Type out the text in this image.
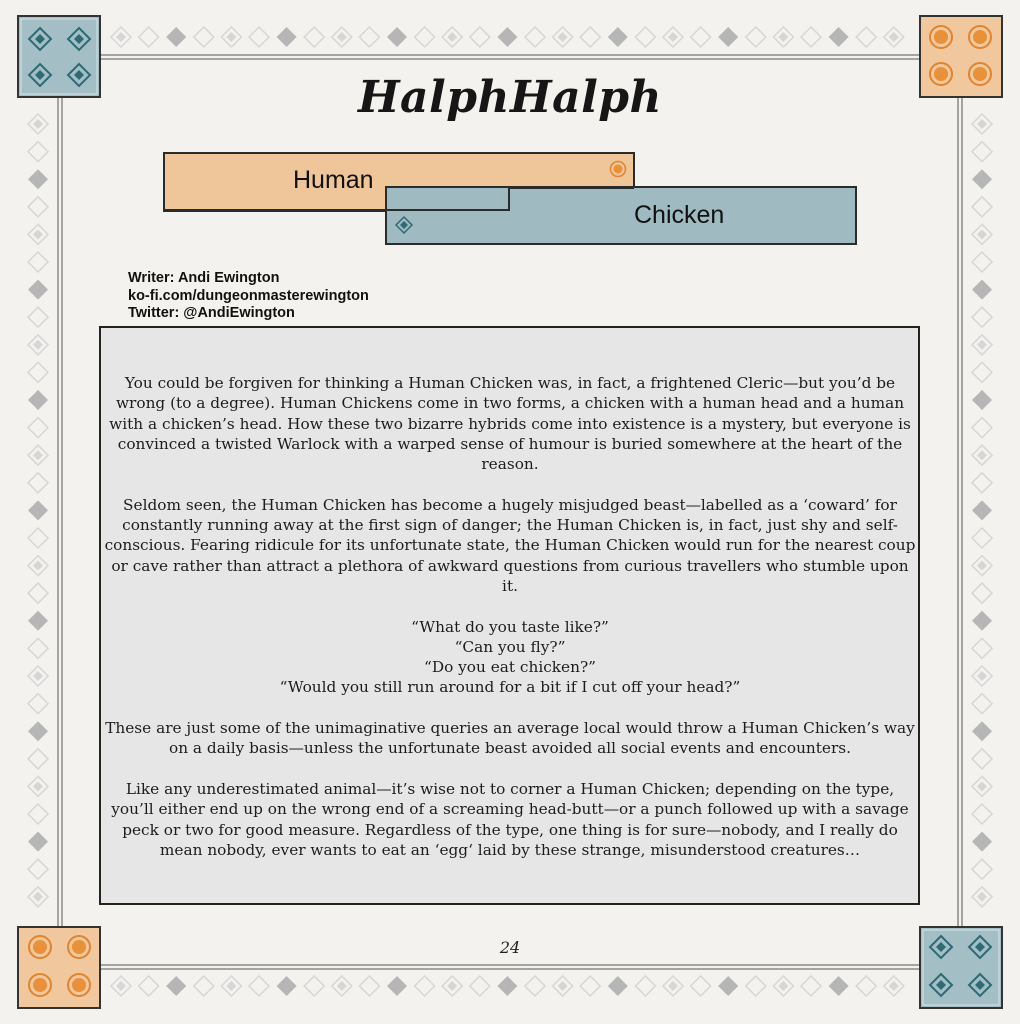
HalphHalph
Human
Chicken
Writer: Andi Ewington
ko-fi.com/dungeonmasterewington
Twitter: @AndiEwington

You could be forgiven for thinking a Human Chicken was, in fact, a frightened Cleric—but you’d be wrong (to a degree). Human Chickens come in two forms, a chicken with a human head and a human with a chicken’s head. How these two bizarre hybrids come into existence is a mystery, but everyone is convinced a twisted Warlock with a warped sense of humour is buried somewhere at the heart of the reason.

Seldom seen, the Human Chicken has become a hugely misjudged beast—labelled as a ‘coward’ for constantly running away at the first sign of danger; the Human Chicken is, in fact, just shy and self-conscious. Fearing ridicule for its unfortunate state, the Human Chicken would run for the nearest coup or cave rather than attract a plethora of awkward questions from curious travellers who stumble upon it.

“What do you taste like?”
“Can you fly?”
“Do you eat chicken?”
“Would you still run around for a bit if I cut off your head?”

These are just some of the unimaginative queries an average local would throw a Human Chicken’s way on a daily basis—unless the unfortunate beast avoided all social events and encounters.

Like any underestimated animal—it’s wise not to corner a Human Chicken; depending on the type, you’ll either end up on the wrong end of a screaming head-butt—or a punch followed up with a savage peck or two for good measure. Regardless of the type, one thing is for sure—nobody, and I really do mean nobody, ever wants to eat an ‘egg‘ laid by these strange, misunderstood creatures…

24
